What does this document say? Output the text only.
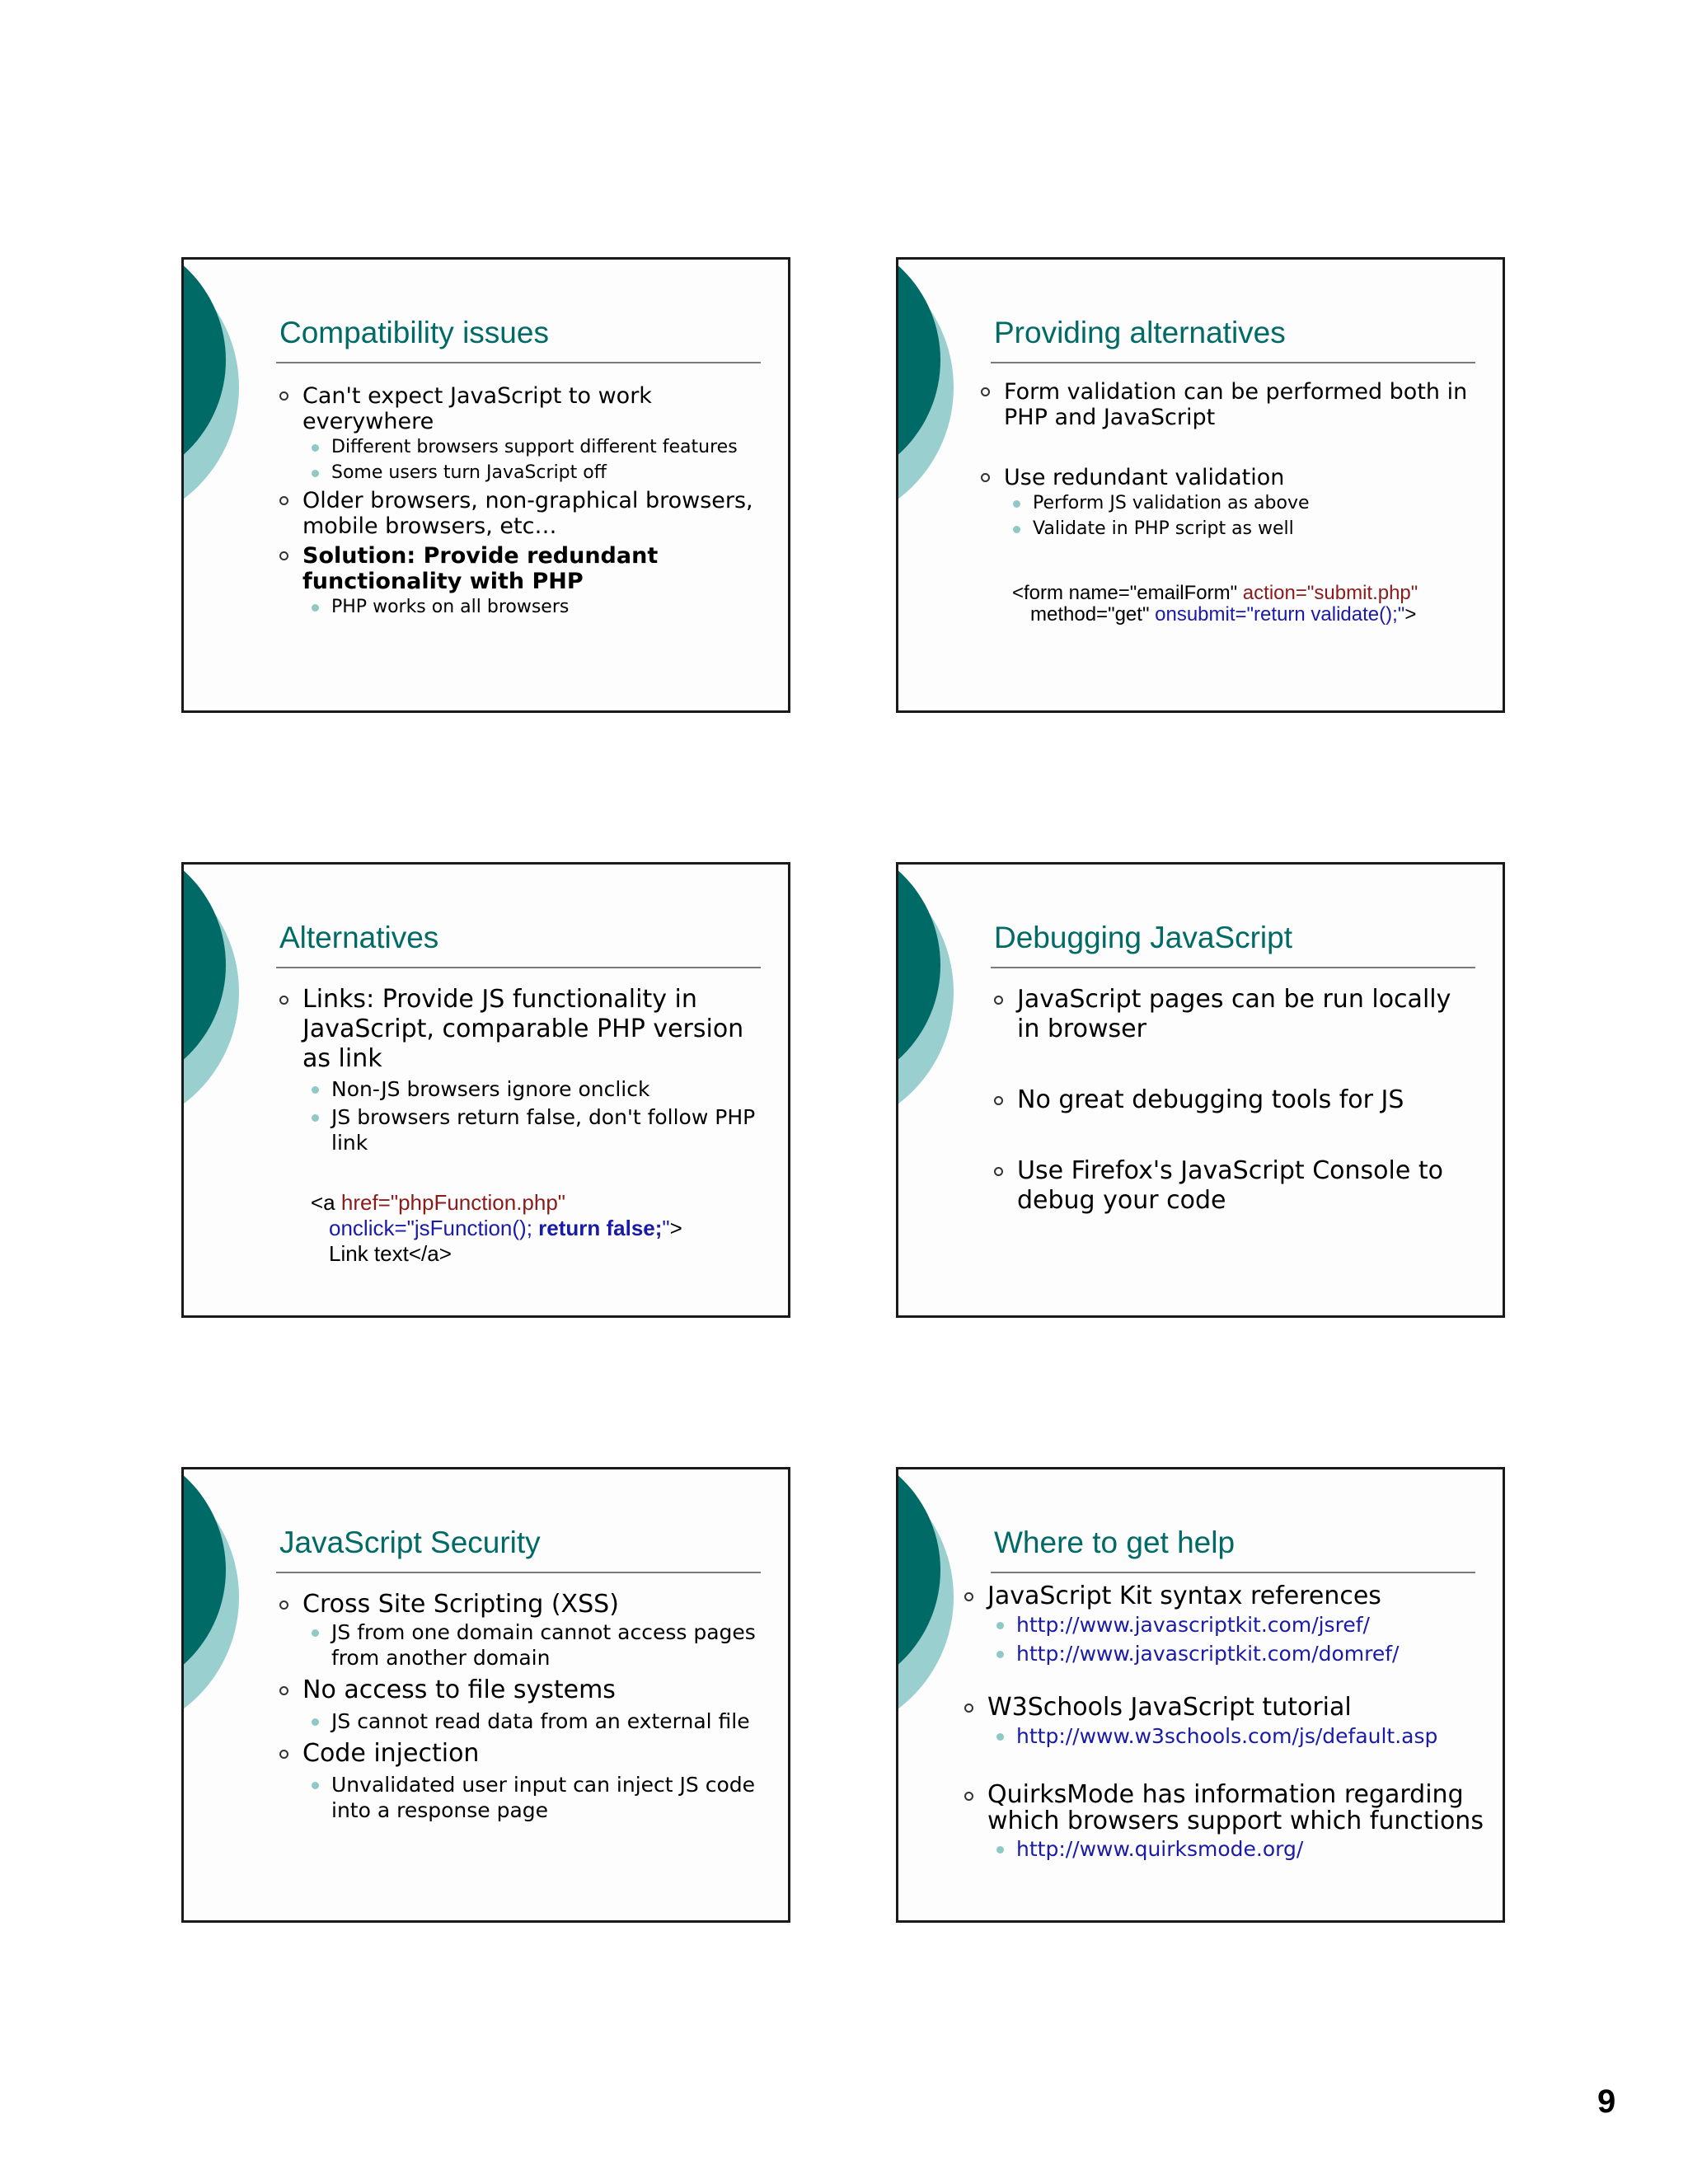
Compatibility issues
Can't expect JavaScript to work everywhere
Different browsers support different features
Some users turn JavaScript off
Older browsers, non-graphical browsers, mobile browsers, etc…
Solution: Provide redundant functionality with PHP
PHP works on all browsers
Providing alternatives
Form validation can be performed both in PHP and JavaScript
Use redundant validation
Perform JS validation as above
Validate in PHP script as well
<form name="emailForm" action="submit.php"
method="get" onsubmit="return validate();">
Alternatives
Links: Provide JS functionality in JavaScript, comparable PHP version as link
Non-JS browsers ignore onclick
JS browsers return false, don't follow PHP link
<a href="phpFunction.php"
onclick="jsFunction(); return false;">
Link text</a>
Debugging JavaScript
JavaScript pages can be run locally in browser
No great debugging tools for JS
Use Firefox's JavaScript Console to debug your code
JavaScript Security
Cross Site Scripting (XSS)
JS from one domain cannot access pages from another domain
No access to file systems
JS cannot read data from an external file
Code injection
Unvalidated user input can inject JS code into a response page
Where to get help
JavaScript Kit syntax references
http://www.javascriptkit.com/jsref/
http://www.javascriptkit.com/domref/
W3Schools JavaScript tutorial
http://www.w3schools.com/js/default.asp
QuirksMode has information regarding which browsers support which functions
http://www.quirksmode.org/
9
